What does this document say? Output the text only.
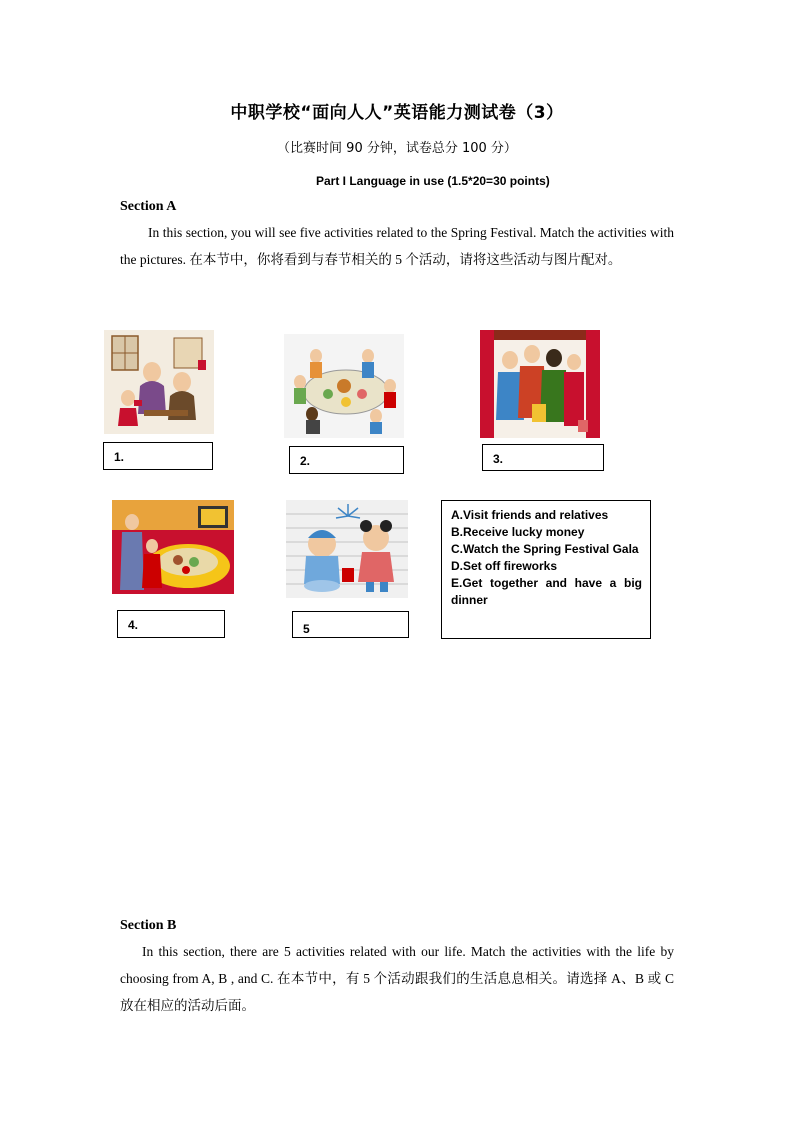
中职学校“面向人人”英语能力测试卷（3）
（比赛时间 90 分钟，试卷总分 100 分）
Part I Language in use (1.5*20=30 points)
Section A
In this section, you will see five activities related to the Spring Festival. Match the activities with the pictures. 在本节中，你将看到与春节相关的 5 个活动，请将这些活动与图片配对。
1.	2.	3.
4.	5
A.Visit friends and relatives
B.Receive lucky money
C.Watch the Spring Festival Gala
D.Set off fireworks
E.Get together and have a big dinner
Section B
In this section, there are 5 activities related with our life. Match the activities with the life by choosing from A, B , and C. 在本节中，有 5 个活动跟我们的生活息息相关。请选择 A、B 或 C 放在相应的活动后面。
